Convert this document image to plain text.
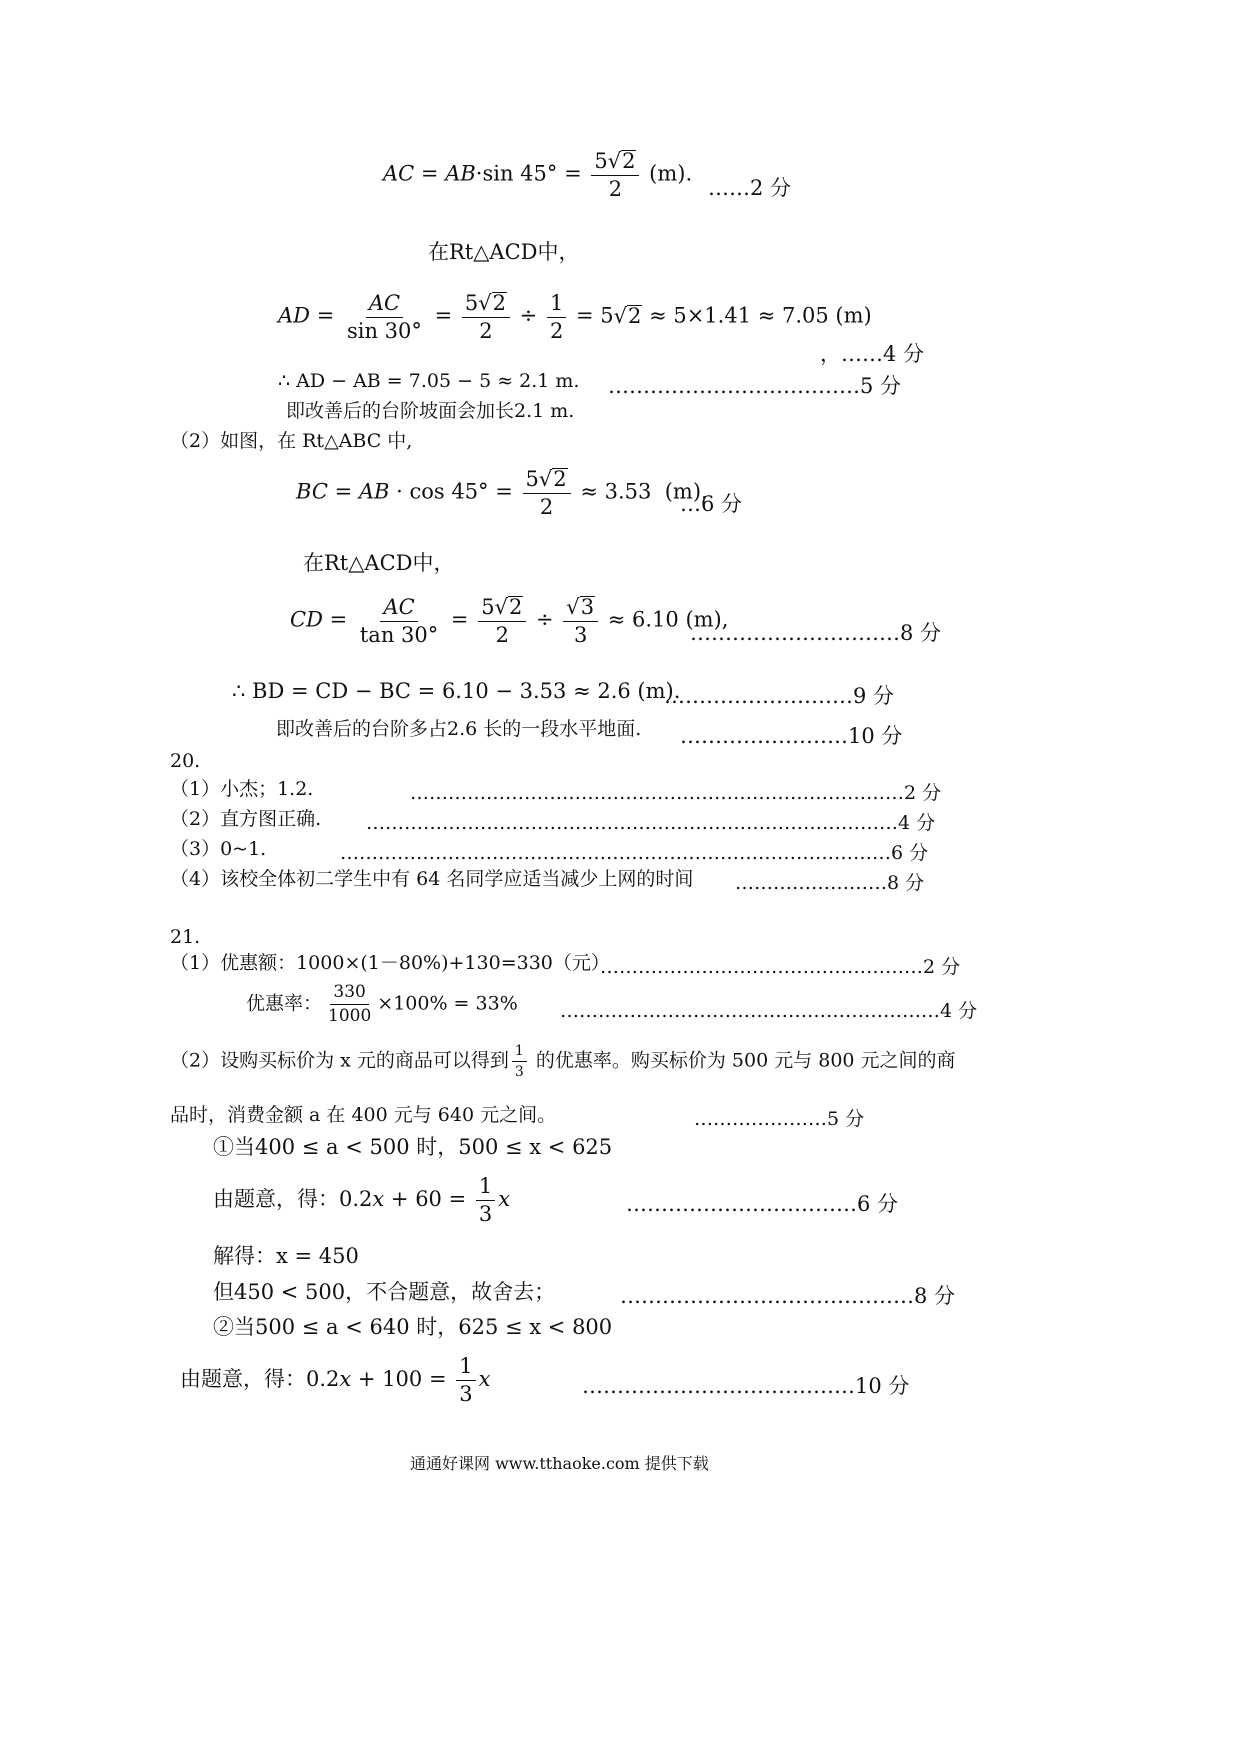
AC = AB·sin $45^\circ = \frac{5√2}{2} (m)$.
……2 分
在Rt△ACD中，
AD = $\frac{AC}{\sin 30^\circ} = \frac{5√2}{2} \div \frac{1}{2} = 5√2 \approx 5\times 1.41 \approx 7.05$ (m)
，……4 分
∴ AD − AB = 7.05 − 5 ≈ 2.1 m. ………………………………5 分
即改善后的台阶坡面会加长2.1 m.
（2）如图，在 Rt△ABC 中,
BC = AB · $\cos 45^\circ = \frac{5√2}{2} \approx 3.53$  (m).
…6 分
在Rt△ACD中，
CD = $\frac{AC}{\tan 30^\circ} = \frac{5√2}{2} \div \frac{√3}{3} \approx 6.10$ (m),
…………………………8 分
∴ BD = CD − BC = 6.10 − 3.53 ≈ 2.6 (m).
………………………9 分
即改善后的台阶多占2.6 长的一段水平地面. ……………………10 分
20.
（1）小杰；1.2.	……………………………………………………………………2 分
（2）直方图正确. …………………………………………………………………………4 分
（3）0~1.	……………………………………………………………………………6 分
（4）该校全体初二学生中有 64 名同学应适当减少上网的时间 ……………………8 分
21.
（1）优惠额：1000×(1－80%)+130=330（元）
……………………………………………2 分
优惠率： $\frac{330}{1000} \times 100\% = 33\%$ ……………………………………………………4 分
（2）设购买标价为 x 元的商品可以得到 $\frac{1}{3}$ 的优惠率。购买标价为 500 元与 800 元之间的商
品时，消费金额 a 在 400 元与 640 元之间。	…………………5 分
①当400 ≤ a < 500 时，500 ≤ x < 625
由题意，得：$0.2x + 60 = \frac{1}{3}$ x	……………………………6 分
解得：x = 450
但450 < 500，不合题意，故舍去；	……………………………………8 分
②当500 ≤ a < 640 时，625 ≤ x < 800
由题意，得：$0.2x + 100 = \frac{1}{3}$ x	…………………………………10 分
通通好课网 www.tthaoke.com 提供下载
